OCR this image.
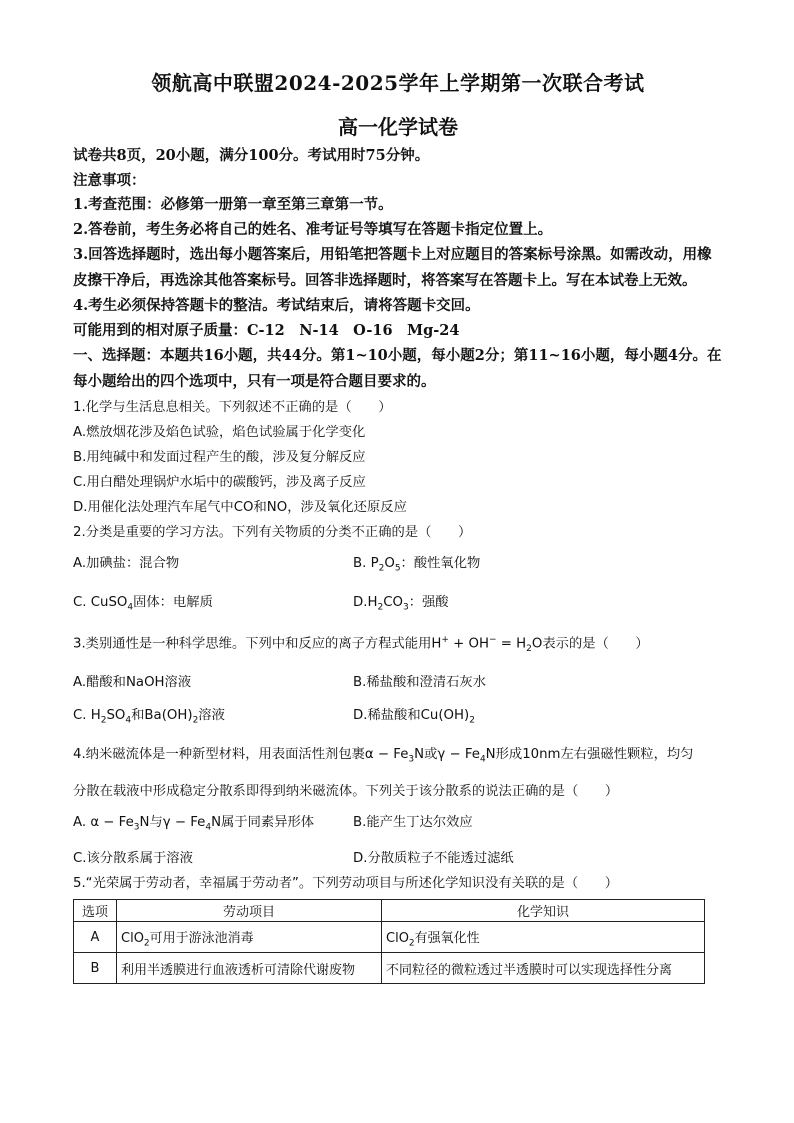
领航高中联盟2024-2025学年上学期第一次联合考试
高一化学试卷
试卷共8页，20小题，满分100分。考试用时75分钟。
注意事项：
1.考查范围：必修第一册第一章至第三章第一节。
2.答卷前，考生务必将自己的姓名、准考证号等填写在答题卡指定位置上。
3.回答选择题时，选出每小题答案后，用铅笔把答题卡上对应题目的答案标号涂黑。如需改动，用橡皮擦干净后，再选涂其他答案标号。回答非选择题时，将答案写在答题卡上。写在本试卷上无效。
4.考生必须保持答题卡的整洁。考试结束后，请将答题卡交回。
可能用到的相对原子质量：C-12　N-14　O-16　Mg-24
一、选择题：本题共16小题，共44分。第1~10小题，每小题2分；第11~16小题，每小题4分。在每小题给出的四个选项中，只有一项是符合题目要求的。
1.化学与生活息息相关。下列叙述不正确的是（　　）
A.燃放烟花涉及焰色试验，焰色试验属于化学变化
B.用纯碱中和发面过程产生的酸，涉及复分解反应
C.用白醋处理锅炉水垢中的碳酸钙，涉及离子反应
D.用催化法处理汽车尾气中CO和NO，涉及氧化还原反应
2.分类是重要的学习方法。下列有关物质的分类不正确的是（　　）
A.加碘盐：混合物	B. $P_2O_5$：酸性氧化物
C. CuSO$_4$固体：电解质	$D.H_2CO_3$：强酸
3.类别通性是一种科学思维。下列中和反应的离子方程式能用$H^+ + OH^- = H_2O$表示的是（　　）
A.醋酸和NaOH溶液	B.稀盐酸和澄清石灰水
C. $H_2SO_4$和$Ba(OH)_2$溶液	D.稀盐酸和$Cu(OH)_2$
4.纳米磁流体是一种新型材料，用表面活性剂包裹$\alpha - Fe_3N$或$\gamma - Fe_4N$形成10nm左右强磁性颗粒，均匀
分散在载液中形成稳定分散系即得到纳米磁流体。下列关于该分散系的说法正确的是（　　）
A. $\alpha - Fe_3N$与$\gamma - Fe_4N$属于同素异形体	B.能产生丁达尔效应
C.该分散系属于溶液	D.分散质粒子不能透过滤纸
5.“光荣属于劳动者，幸福属于劳动者”。下列劳动项目与所述化学知识没有关联的是（　　）
选项	劳动项目	化学知识
A	ClO$_2$可用于游泳池消毒	ClO$_2$有强氧化性
B	利用半透膜进行血液透析可清除代谢废物	不同粒径的微粒透过半透膜时可以实现选择性分离
